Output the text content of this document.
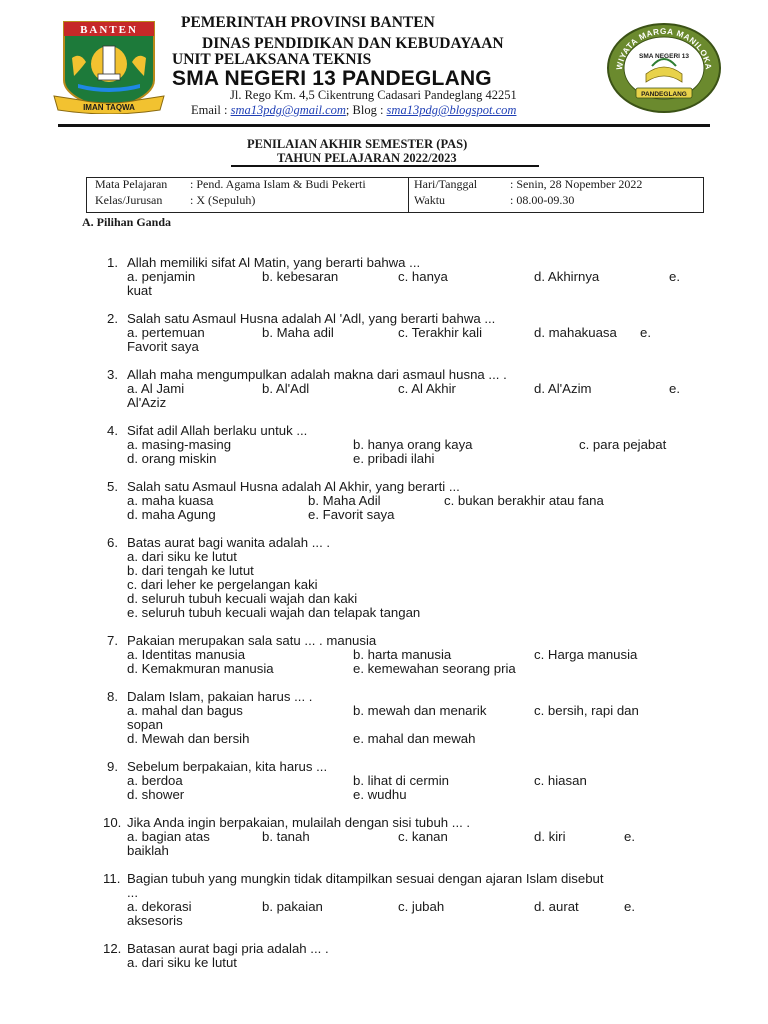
BANTEN
IMAN TAQWA
PEMERINTAH PROVINSI BANTEN
DINAS PENDIDIKAN DAN KEBUDAYAAN
UNIT PELAKSANA TEKNIS
SMA NEGERI 13 PANDEGLANG
Jl. Rego Km. 4,5 Cikentrung Cadasari Pandeglang 42251
Email : sma13pdg@gmail.com; Blog : sma13pdg@blogspot.com
WIYATA MARGA MANILOKA
SMA NEGERI 13
PANDEGLANG
PENILAIAN AKHIR SEMESTER (PAS)
TAHUN PELAJARAN 2022/2023
Mata Pelajaran : Pend. Agama Islam & Budi Pekerti
Kelas/Jurusan : X (Sepuluh)
Hari/Tanggal	: Senin, 28 Nopember 2022
Waktu	: 08.00-09.30
A. Pilihan Ganda
1. Allah memiliki sifat Al Matin, yang berarti bahwa ...
a. penjamin	b. kebesaran	c. hanya	d. Akhirnya	e.
kuat
2. Salah satu Asmaul Husna adalah Al 'Adl, yang berarti bahwa ...
a. pertemuan	b. Maha adil	c. Terakhir kali	d. mahakuasa e.
Favorit saya
3. Allah maha mengumpulkan adalah makna dari asmaul husna ... .
a. Al Jami	b. Al'Adl	c. Al Akhir	d. Al'Azim	e.
Al'Aziz
4. Sifat adil Allah berlaku untuk ...
a. masing-masing	b. hanya orang kaya	c. para pejabat
d. orang miskin	e. pribadi ilahi
5. Salah satu Asmaul Husna adalah Al Akhir, yang berarti ...
a. maha kuasa	b. Maha Adil	c. bukan berakhir atau fana
d. maha Agung	e. Favorit saya
6. Batas aurat bagi wanita adalah ... .
a. dari siku ke lutut
b. dari tengah ke lutut
c. dari leher ke pergelangan kaki
d. seluruh tubuh kecuali wajah dan kaki
e. seluruh tubuh kecuali wajah dan telapak tangan
7. Pakaian merupakan sala satu ... . manusia
a. Identitas manusia	b. harta manusia	c. Harga manusia
d. Kemakmuran manusia	e. kemewahan seorang pria
8. Dalam Islam, pakaian harus ... .
a. mahal dan bagus	b. mewah dan menarik	c. bersih, rapi dan
sopan
d. Mewah dan bersih	e. mahal dan mewah
9. Sebelum berpakaian, kita harus ...
a. berdoa	b. lihat di cermin	c. hiasan
d. shower	e. wudhu
10. Jika Anda ingin berpakaian, mulailah dengan sisi tubuh ... .
a. bagian atas	b. tanah	c. kanan	d. kiri	e.
baiklah
11. Bagian tubuh yang mungkin tidak ditampilkan sesuai dengan ajaran Islam disebut
...
a. dekorasi	b. pakaian	c. jubah	d. aurat	e.
aksesoris
12. Batasan aurat bagi pria adalah ... .
a. dari siku ke lutut
